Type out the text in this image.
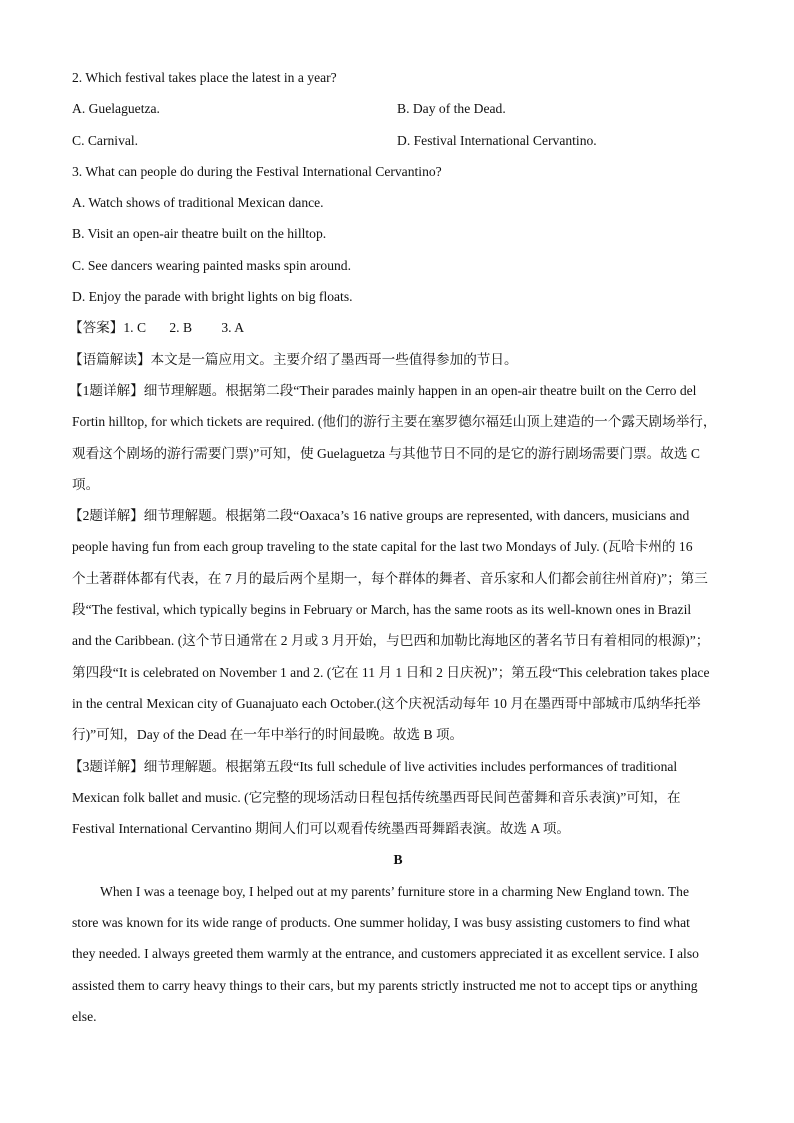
2. Which festival takes place the latest in a year?
A. Guelaguetza.	B. Day of the Dead.
C. Carnival.	D. Festival International Cervantino.
3. What can people do during the Festival International Cervantino?
A. Watch shows of traditional Mexican dance.
B. Visit an open-air theatre built on the hilltop.
C. See dancers wearing painted masks spin around.
D. Enjoy the parade with bright lights on big floats.
【答案】1. C 2. B 3. A
【语篇解读】本文是一篇应用文。主要介绍了墨西哥一些值得参加的节日。
【1题详解】细节理解题。根据第二段“Their parades mainly happen in an open-air theatre built on the Cerro del
Fortin hilltop, for which tickets are required. (他们的游行主要在塞罗德尔福廷山顶上建造的一个露天剧场举行，
观看这个剧场的游行需要门票)”可知，使 Guelaguetza 与其他节日不同的是它的游行剧场需要门票。故选 C
项。
【2题详解】细节理解题。根据第二段“Oaxaca’s 16 native groups are represented, with dancers, musicians and
people having fun from each group traveling to the state capital for the last two Mondays of July. (瓦哈卡州的 16
个土著群体都有代表，在 7 月的最后两个星期一，每个群体的舞者、音乐家和人们都会前往州首府)”；第三
段“The festival, which typically begins in February or March, has the same roots as its well-known ones in Brazil
and the Caribbean. (这个节日通常在 2 月或 3 月开始，与巴西和加勒比海地区的著名节日有着相同的根源)”；
第四段“It is celebrated on November 1 and 2. (它在 11 月 1 日和 2 日庆祝)”；第五段“This celebration takes place
in the central Mexican city of Guanajuato each October.(这个庆祝活动每年 10 月在墨西哥中部城市瓜纳华托举
行)”可知，Day of the Dead 在一年中举行的时间最晚。故选 B 项。
【3题详解】细节理解题。根据第五段“Its full schedule of live activities includes performances of traditional
Mexican folk ballet and music. (它完整的现场活动日程包括传统墨西哥民间芭蕾舞和音乐表演)”可知，在
Festival International Cervantino 期间人们可以观看传统墨西哥舞蹈表演。故选 A 项。
B
When I was a teenage boy, I helped out at my parents’ furniture store in a charming New England town. The
store was known for its wide range of products. One summer holiday, I was busy assisting customers to find what
they needed. I always greeted them warmly at the entrance, and customers appreciated it as excellent service. I also
assisted them to carry heavy things to their cars, but my parents strictly instructed me not to accept tips or anything
else.
